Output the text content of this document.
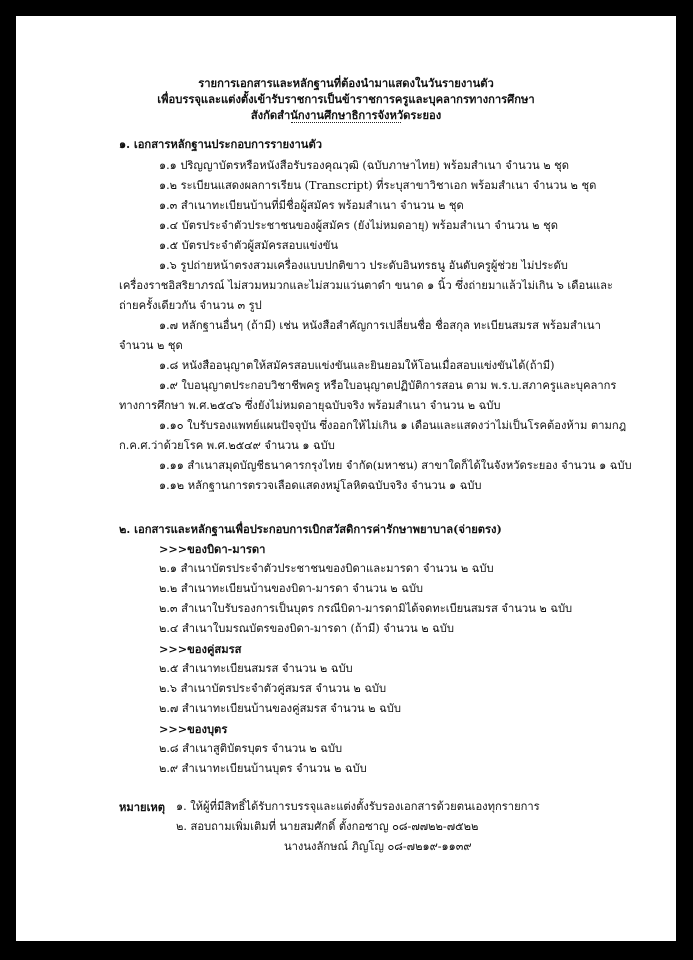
รายการเอกสารและหลักฐานที่ต้องนำมาแสดงในวันรายงานตัว
เพื่อบรรจุและแต่งตั้งเข้ารับราชการเป็นข้าราชการครูและบุคลากรทางการศึกษา
สังกัดสำนักงานศึกษาธิการจังหวัดระยอง
๑. เอกสารหลักฐานประกอบการรายงานตัว
๑.๑ ปริญญาบัตรหรือหนังสือรับรองคุณวุฒิ (ฉบับภาษาไทย) พร้อมสำเนา จำนวน ๒ ชุด
๑.๒ ระเบียนแสดงผลการเรียน (Transcript) ที่ระบุสาขาวิชาเอก พร้อมสำเนา จำนวน ๒ ชุด
๑.๓ สำเนาทะเบียนบ้านที่มีชื่อผู้สมัคร พร้อมสำเนา จำนวน ๒ ชุด
๑.๔ บัตรประจำตัวประชาชนของผู้สมัคร (ยังไม่หมดอายุ) พร้อมสำเนา จำนวน ๒ ชุด
๑.๕ บัตรประจำตัวผู้สมัครสอบแข่งขัน
๑.๖ รูปถ่ายหน้าตรงสวมเครื่องแบบปกติขาว ประดับอินทรธนู อันดับครูผู้ช่วย ไม่ประดับ
เครื่องราชอิสริยาภรณ์ ไม่สวมหมวกและไม่สวมแว่นตาดำ ขนาด ๑ นิ้ว ซึ่งถ่ายมาแล้วไม่เกิน ๖ เดือนและ
ถ่ายครั้งเดียวกัน จำนวน ๓ รูป
๑.๗ หลักฐานอื่นๆ (ถ้ามี) เช่น หนังสือสำคัญการเปลี่ยนชื่อ ชื่อสกุล ทะเบียนสมรส พร้อมสำเนา
จำนวน ๒ ชุด
๑.๘ หนังสืออนุญาตให้สมัครสอบแข่งขันและยินยอมให้โอนเมื่อสอบแข่งขันได้(ถ้ามี)
๑.๙ ใบอนุญาตประกอบวิชาชีพครู หรือใบอนุญาตปฏิบัติการสอน ตาม พ.ร.บ.สภาครูและบุคลากร
ทางการศึกษา พ.ศ.๒๕๔๖ ซึ่งยังไม่หมดอายุฉบับจริง พร้อมสำเนา จำนวน ๒ ฉบับ
๑.๑๐ ใบรับรองแพทย์แผนปัจจุบัน ซึ่งออกให้ไม่เกิน ๑ เดือนและแสดงว่าไม่เป็นโรคต้องห้าม ตามกฎ
ก.ค.ศ.ว่าด้วยโรค พ.ศ.๒๕๔๙ จำนวน ๑ ฉบับ
๑.๑๑ สำเนาสมุดบัญชีธนาคารกรุงไทย จำกัด(มหาชน) สาขาใดก็ได้ในจังหวัดระยอง จำนวน ๑ ฉบับ
๑.๑๒ หลักฐานการตรวจเลือดแสดงหมู่โลหิตฉบับจริง จำนวน ๑ ฉบับ
๒. เอกสารและหลักฐานเพื่อประกอบการเบิกสวัสดิการค่ารักษาพยาบาล(จ่ายตรง)
>>>ของบิดา-มารดา
๒.๑ สำเนาบัตรประจำตัวประชาชนของบิดาและมารดา จำนวน ๒ ฉบับ
๒.๒ สำเนาทะเบียนบ้านของบิดา-มารดา จำนวน ๒ ฉบับ
๒.๓ สำเนาใบรับรองการเป็นบุตร กรณีบิดา-มารดามิได้จดทะเบียนสมรส จำนวน ๒ ฉบับ
๒.๔ สำเนาใบมรณบัตรของบิดา-มารดา (ถ้ามี) จำนวน ๒ ฉบับ
>>>ของคู่สมรส
๒.๕ สำเนาทะเบียนสมรส จำนวน ๒ ฉบับ
๒.๖ สำเนาบัตรประจำตัวคู่สมรส จำนวน ๒ ฉบับ
๒.๗ สำเนาทะเบียนบ้านของคู่สมรส จำนวน ๒ ฉบับ
>>>ของบุตร
๒.๘ สำเนาสูติบัตรบุตร จำนวน ๒ ฉบับ
๒.๙ สำเนาทะเบียนบ้านบุตร จำนวน ๒ ฉบับ
หมายเหตุ ๑. ให้ผู้ที่มีสิทธิ์ได้รับการบรรจุและแต่งตั้งรับรองเอกสารด้วยตนเองทุกรายการ
๒. สอบถามเพิ่มเติมที่ นายสมศักดิ์ ตั้งกอซาญ ๐๘-๗๗๒๒-๗๕๒๒
นางนงลักษณ์ ภิญโญ ๐๘-๗๒๑๙-๑๑๓๙
